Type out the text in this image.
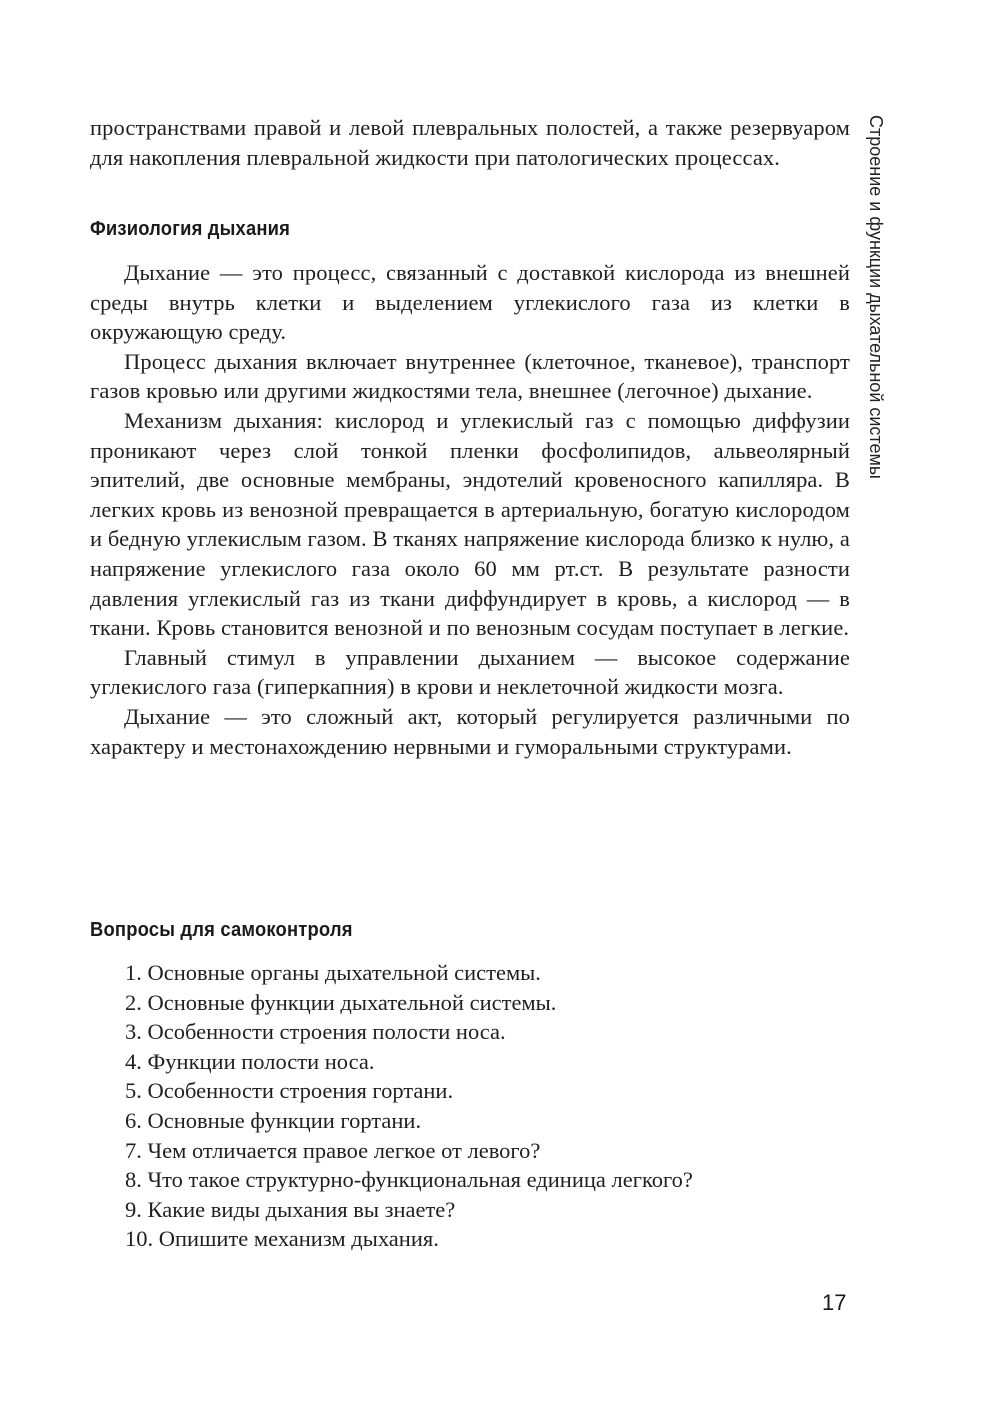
Строение и функции дыхательной системы

пространствами правой и левой плевральных полостей, а также резервуаром для накопления плевральной жидкости при патологических процессах.

Физиология дыхания

Дыхание — это процесс, связанный с доставкой кислорода из внешней среды внутрь клетки и выделением углекислого газа из клетки в окружающую среду.

Процесс дыхания включает внутреннее (клеточное, тканевое), транспорт газов кровью или другими жидкостями тела, внешнее (легочное) дыхание.

Механизм дыхания: кислород и углекислый газ с помощью диффузии проникают через слой тонкой пленки фосфолипидов, альвеолярный эпителий, две основные мембраны, эндотелий кровеносного капилляра. В легких кровь из венозной превращается в артериальную, богатую кислородом и бедную углекислым газом. В тканях напряжение кислорода близко к нулю, а напряжение углекислого газа около 60 мм рт.ст. В результате разности давления углекислый газ из ткани диффундирует в кровь, а кислород — в ткани. Кровь становится венозной и по венозным сосудам поступает в легкие.

Главный стимул в управлении дыханием — высокое содержание углекислого газа (гиперкапния) в крови и неклеточной жидкости мозга.

Дыхание — это сложный акт, который регулируется различными по характеру и местонахождению нервными и гуморальными структурами.

Вопросы для самоконтроля
1. Основные органы дыхательной системы.
2. Основные функции дыхательной системы.
3. Особенности строения полости носа.
4. Функции полости носа.
5. Особенности строения гортани.
6. Основные функции гортани.
7. Чем отличается правое легкое от левого?
8. Что такое структурно-функциональная единица легкого?
9. Какие виды дыхания вы знаете?
10. Опишите механизм дыхания.
17
